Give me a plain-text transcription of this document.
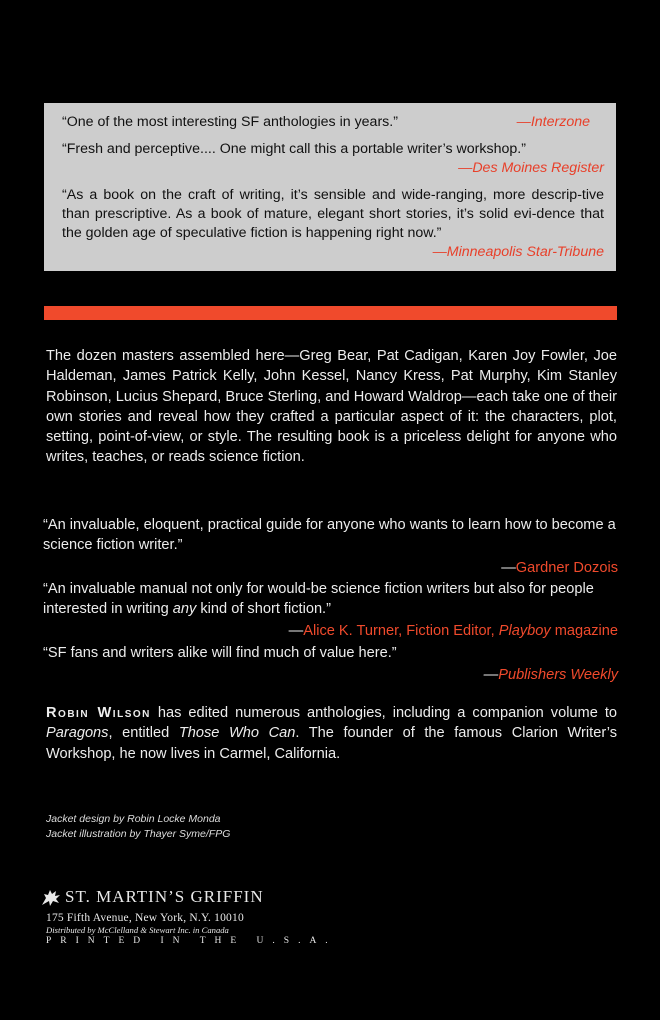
“One of the most interesting SF anthologies in years.”	—Interzone
“Fresh and perceptive.... One might call this a portable writer’s workshop.”
—Des Moines Register
“As a book on the craft of writing, it’s sensible and wide-ranging, more descrip-tive than prescriptive. As a book of mature, elegant short stories, it’s solid evi-dence that the golden age of speculative fiction is happening right now.”
—Minneapolis Star-Tribune

The dozen masters assembled here—Greg Bear, Pat Cadigan, Karen Joy Fowler, Joe Haldeman, James Patrick Kelly, John Kessel, Nancy Kress, Pat Murphy, Kim Stanley Robinson, Lucius Shepard, Bruce Sterling, and Howard Waldrop—each take one of their own stories and reveal how they crafted a particular aspect of it: the characters, plot, setting, point-of-view, or style. The resulting book is a priceless delight for anyone who writes, teaches, or reads science fiction.

“An invaluable, eloquent, practical guide for anyone who wants to learn how to become a science fiction writer.”
—Gardner Dozois
“An invaluable manual not only for would-be science fiction writers but also for people interested in writing any kind of short fiction.”
—Alice K. Turner, Fiction Editor, Playboy magazine
“SF fans and writers alike will find much of value here.”
—Publishers Weekly

Robin Wilson has edited numerous anthologies, including a companion volume to Paragons, entitled Those Who Can. The founder of the famous Clarion Writer’s Workshop, he now lives in Carmel, California.

Jacket design by Robin Locke Monda
Jacket illustration by Thayer Syme/FPG
ST. MARTIN’S GRIFFIN
175 Fifth Avenue, New York, N.Y. 10010
Distributed by McClelland & Stewart Inc. in Canada
PRINTED IN THE U.S.A.
